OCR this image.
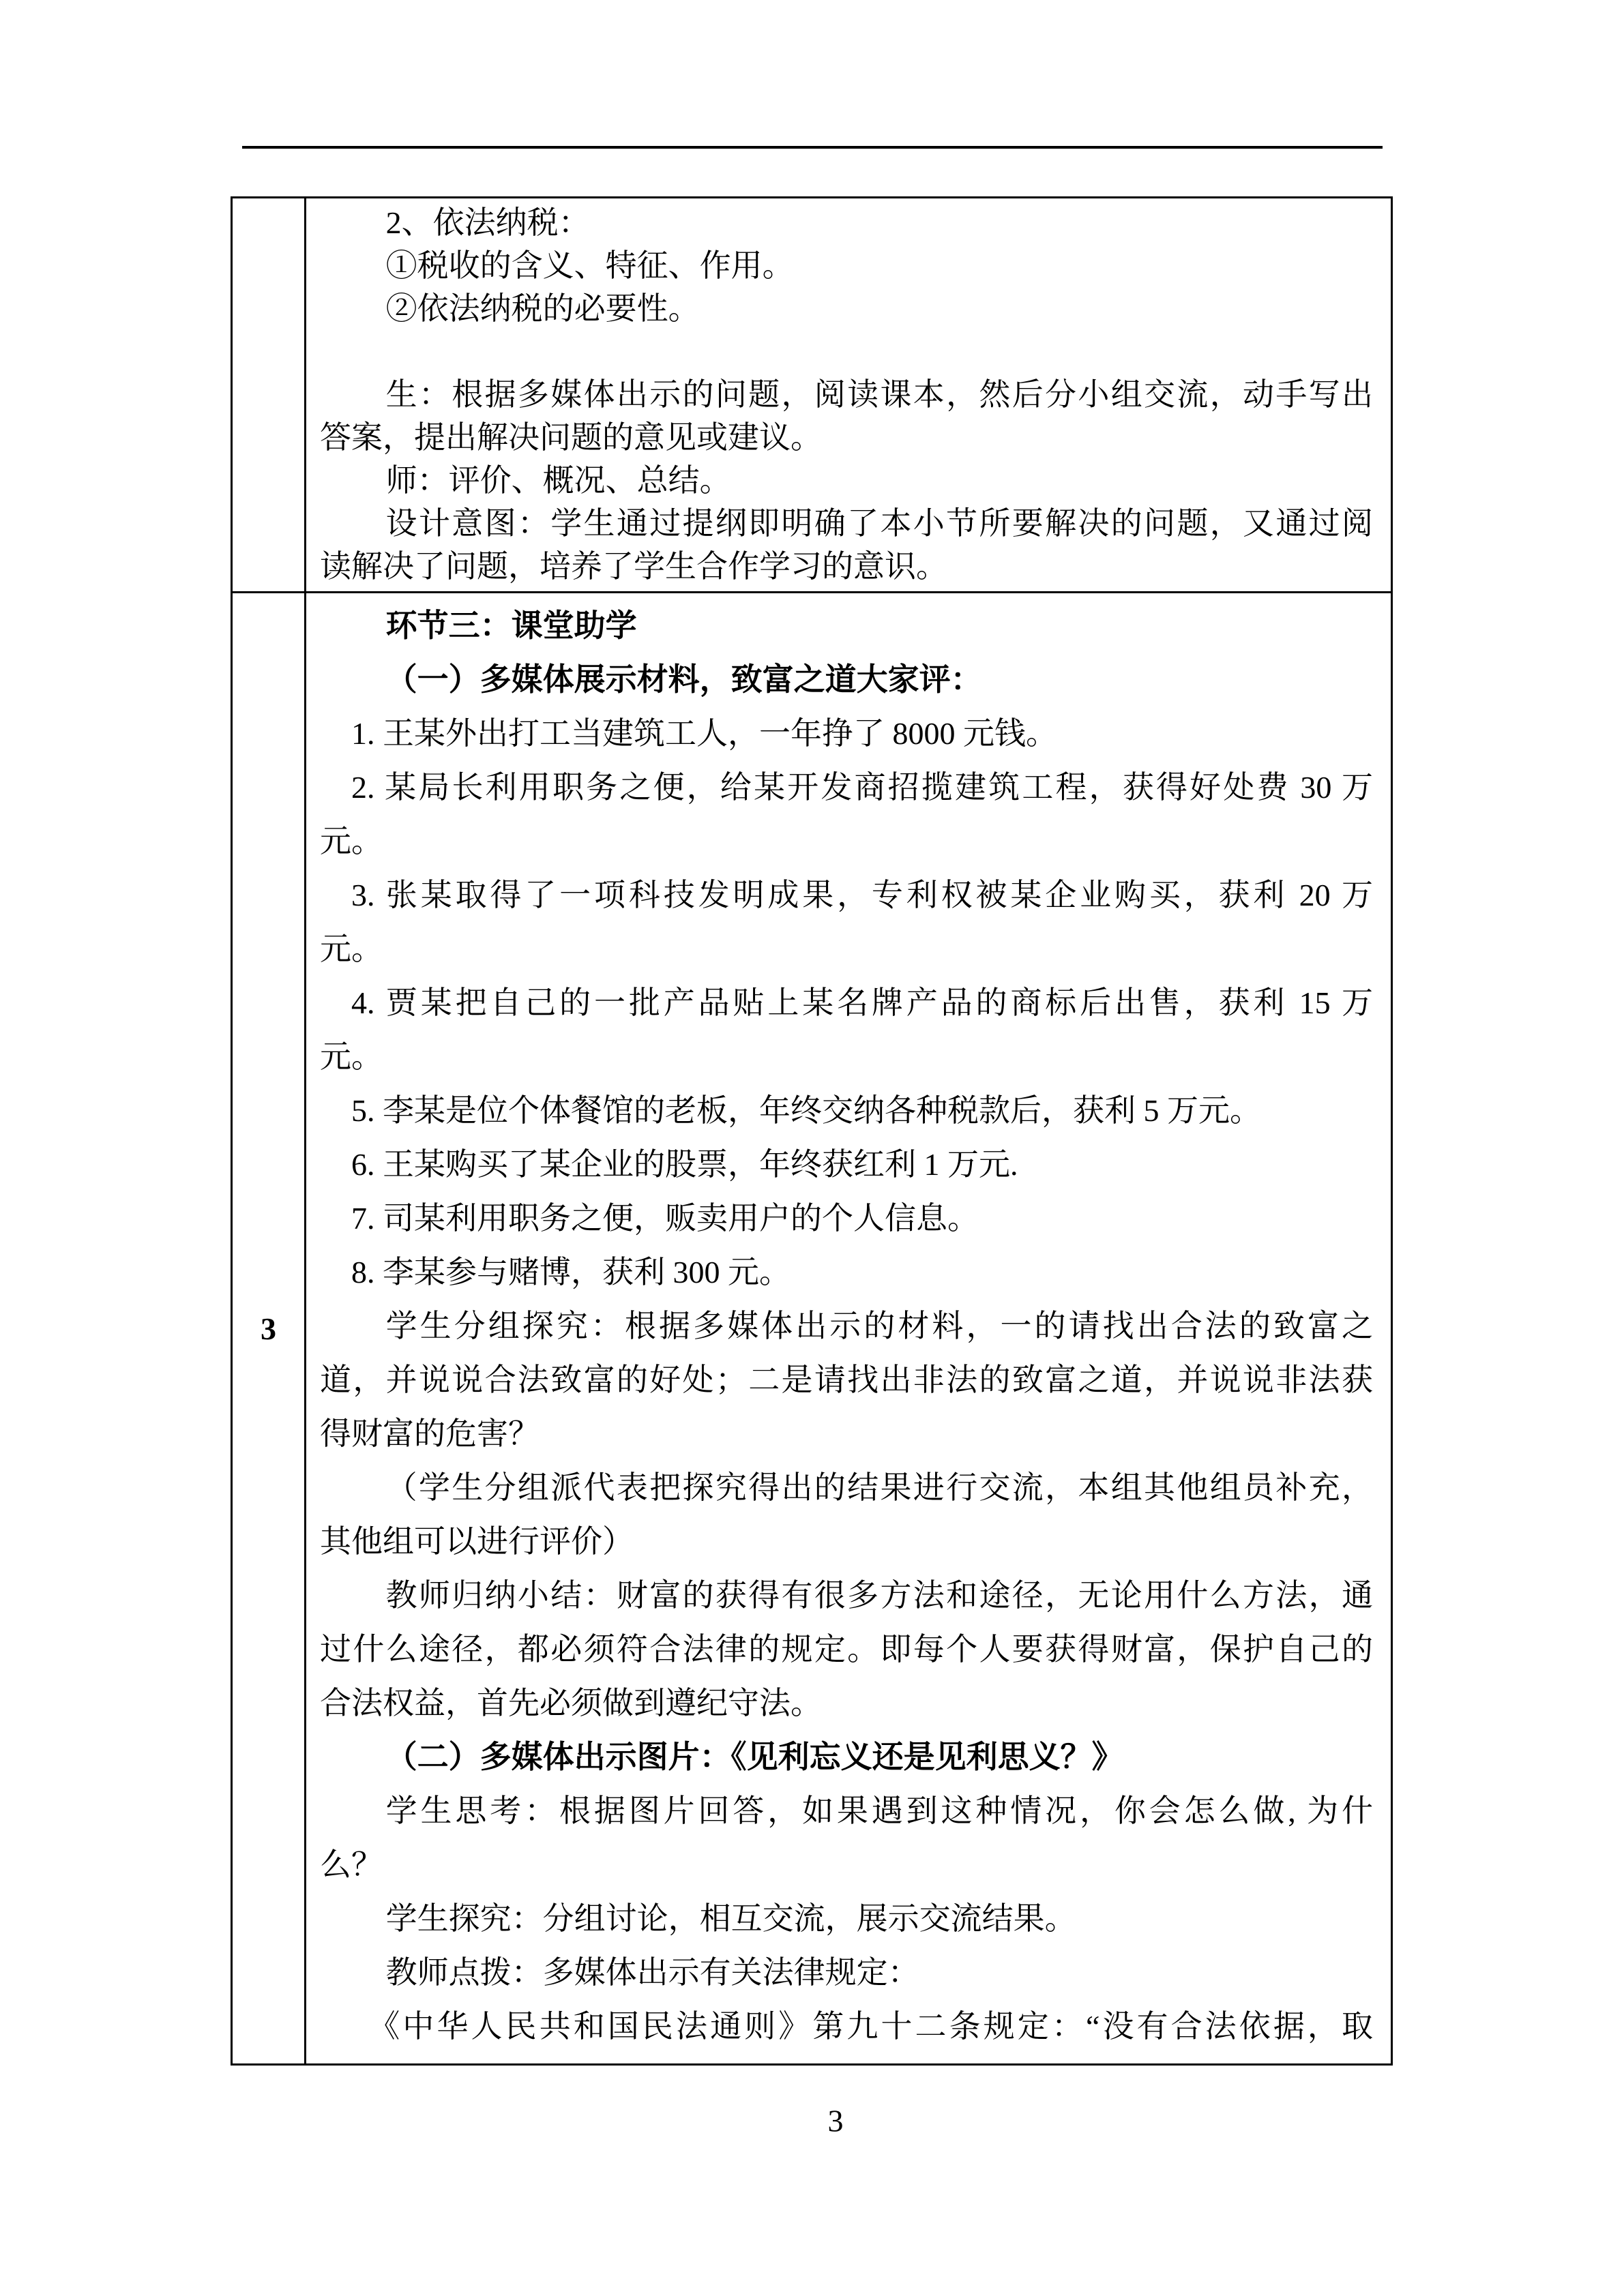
2、依法纳税：

①税收的含义、特征、作用。

②依法纳税的必要性。

生：根据多媒体出示的问题，阅读课本，然后分小组交流，动手写出

答案，提出解决问题的意见或建议。

师：评价、概况、总结。

设计意图：学生通过提纲即明确了本小节所要解决的问题，又通过阅

读解决了问题，培养了学生合作学习的意识。

3

环节三：课堂助学

（一）多媒体展示材料，致富之道大家评：

1. 王某外出打工当建筑工人，一年挣了 8000 元钱。

2. 某局长利用职务之便，给某开发商招揽建筑工程，获得好处费 30 万

元。

3. 张某取得了一项科技发明成果，专利权被某企业购买，获利 20 万

元。

4. 贾某把自己的一批产品贴上某名牌产品的商标后出售，获利 15 万

元。

5. 李某是位个体餐馆的老板，年终交纳各种税款后，获利 5 万元。

6. 王某购买了某企业的股票，年终获红利 1 万元.

7. 司某利用职务之便，贩卖用户的个人信息。

8. 李某参与赌博，获利 300 元。

学生分组探究：根据多媒体出示的材料，一的请找出合法的致富之

道，并说说合法致富的好处；二是请找出非法的致富之道，并说说非法获

得财富的危害？

（学生分组派代表把探究得出的结果进行交流，本组其他组员补充，

其他组可以进行评价）

教师归纳小结：财富的获得有很多方法和途径，无论用什么方法，通

过什么途径，都必须符合法律的规定。即每个人要获得财富，保护自己的

合法权益，首先必须做到遵纪守法。

（二）多媒体出示图片：《见利忘义还是见利思义？》

学生思考：根据图片回答，如果遇到这种情况，你会怎么做, 为什

么？

学生探究：分组讨论，相互交流，展示交流结果。

教师点拨：多媒体出示有关法律规定：

《中华人民共和国民法通则》第九十二条规定：“没有合法依据，取

3
